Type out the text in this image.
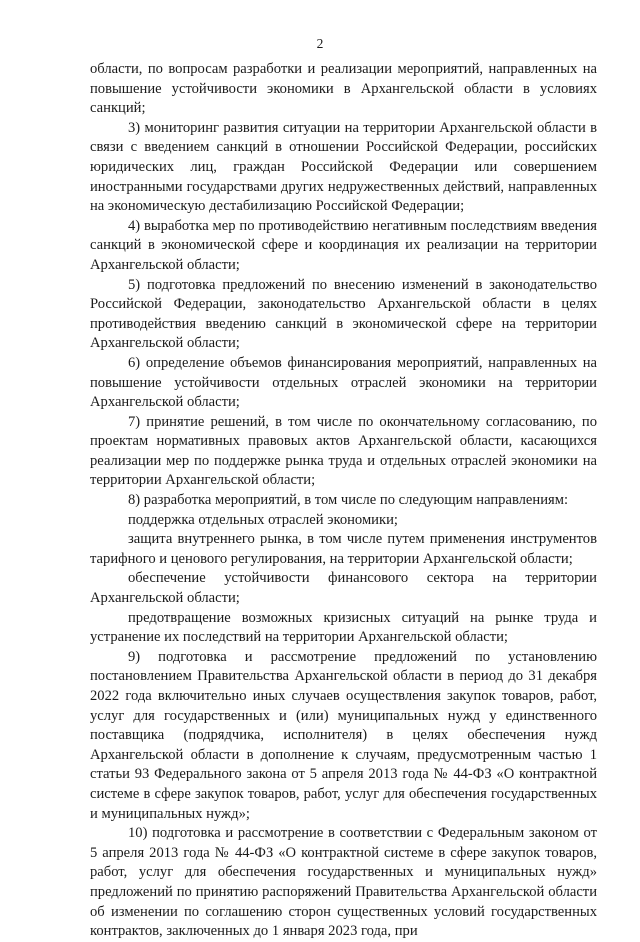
2

области, по вопросам разработки и реализации мероприятий, направленных на повышение устойчивости экономики в Архангельской области в условиях санкций;

3) мониторинг развития ситуации на территории Архангельской области в связи с введением санкций в отношении Российской Федерации, российских юридических лиц, граждан Российской Федерации или совершением иностранными государствами других недружественных действий, направленных на экономическую дестабилизацию Российской Федерации;

4) выработка мер по противодействию негативным последствиям введения санкций в экономической сфере и координация их реализации на территории Архангельской области;

5) подготовка предложений по внесению изменений в законодательство Российской Федерации, законодательство Архангельской области в целях противодействия введению санкций в экономической сфере на территории Архангельской области;

6) определение объемов финансирования мероприятий, направленных на повышение устойчивости отдельных отраслей экономики на территории Архангельской области;

7) принятие решений, в том числе по окончательному согласованию, по проектам нормативных правовых актов Архангельской области, касающихся реализации мер по поддержке рынка труда и отдельных отраслей экономики на территории Архангельской области;

8) разработка мероприятий, в том числе по следующим направлениям:

поддержка отдельных отраслей экономики;

защита внутреннего рынка, в том числе путем применения инструментов тарифного и ценового регулирования, на территории Архангельской области;

обеспечение устойчивости финансового сектора на территории Архангельской области;

предотвращение возможных кризисных ситуаций на рынке труда и устранение их последствий на территории Архангельской области;

9) подготовка и рассмотрение предложений по установлению постановлением Правительства Архангельской области в период до 31 декабря 2022 года включительно иных случаев осуществления закупок товаров, работ, услуг для государственных и (или) муниципальных нужд у единственного поставщика (подрядчика, исполнителя) в целях обеспечения нужд Архангельской области в дополнение к случаям, предусмотренным частью 1 статьи 93 Федерального закона от 5 апреля 2013 года № 44-ФЗ «О контрактной системе в сфере закупок товаров, работ, услуг для обеспечения государственных и муниципальных нужд»;

10) подготовка и рассмотрение в соответствии с Федеральным законом от 5 апреля 2013 года № 44-ФЗ «О контрактной системе в сфере закупок товаров, работ, услуг для обеспечения государственных и муниципальных нужд» предложений по принятию распоряжений Правительства Архангельской области об изменении по соглашению сторон существенных условий государственных контрактов, заключенных до 1 января 2023 года, при
